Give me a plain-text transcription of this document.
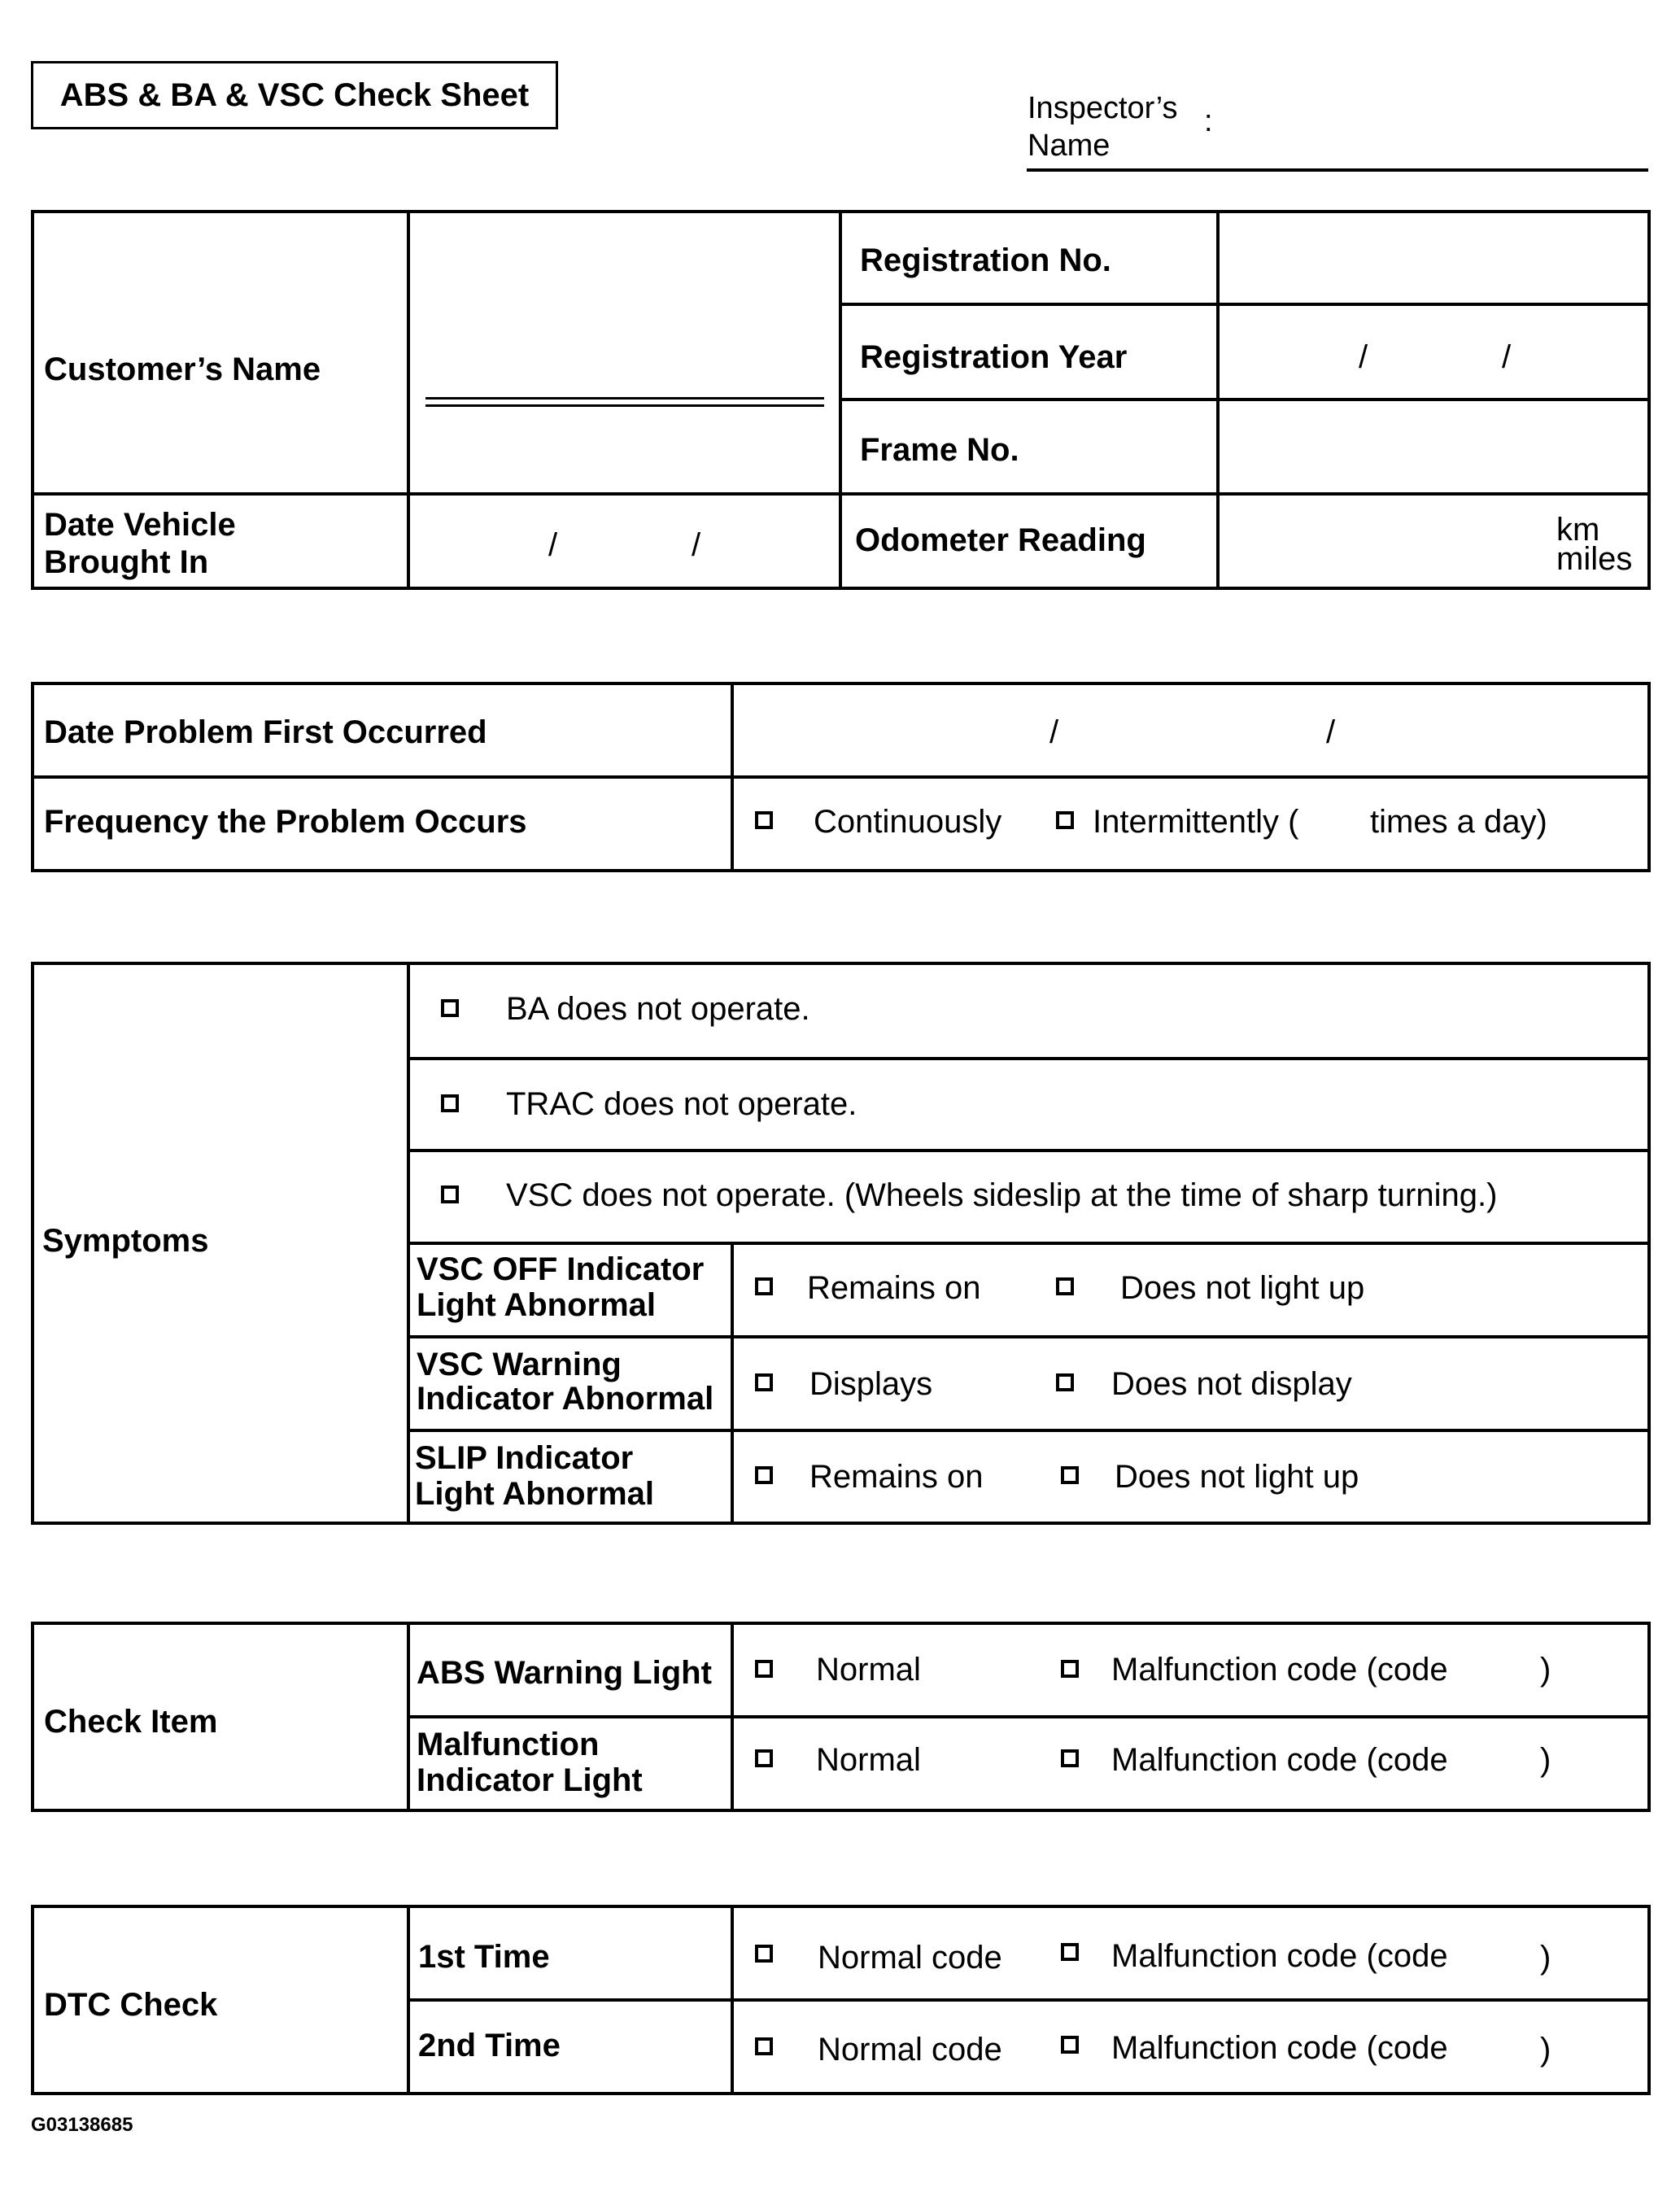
ABS & BA & VSC Check Sheet	Inspector’s
Name
:
Customer’s Name
Registration No.
Registration Year	/	/
Frame No.
Date Vehicle
Brought In	/	/	Odometer Reading	km
miles
Date Problem First Occurred	/	/
Frequency the Problem Occurs	Continuously	Intermittently ( times a day)
Symptoms
BA does not operate.
TRAC does not operate.
VSC does not operate. (Wheels sideslip at the time of sharp turning.)
VSC OFF Indicator
Light Abnormal	Remains on	Does not light up
VSC Warning
Indicator Abnormal	Displays	Does not display
SLIP Indicator
Light Abnormal	Remains on	Does not light up
Check Item
ABS Warning Light	Normal	Malfunction code (code	)
Malfunction
Indicator Light
Normal	Malfunction code (code	)
DTC Check
1st Time	Normal code	Malfunction code (code	)
2nd Time	Normal code	Malfunction code (code	)
G03138685
